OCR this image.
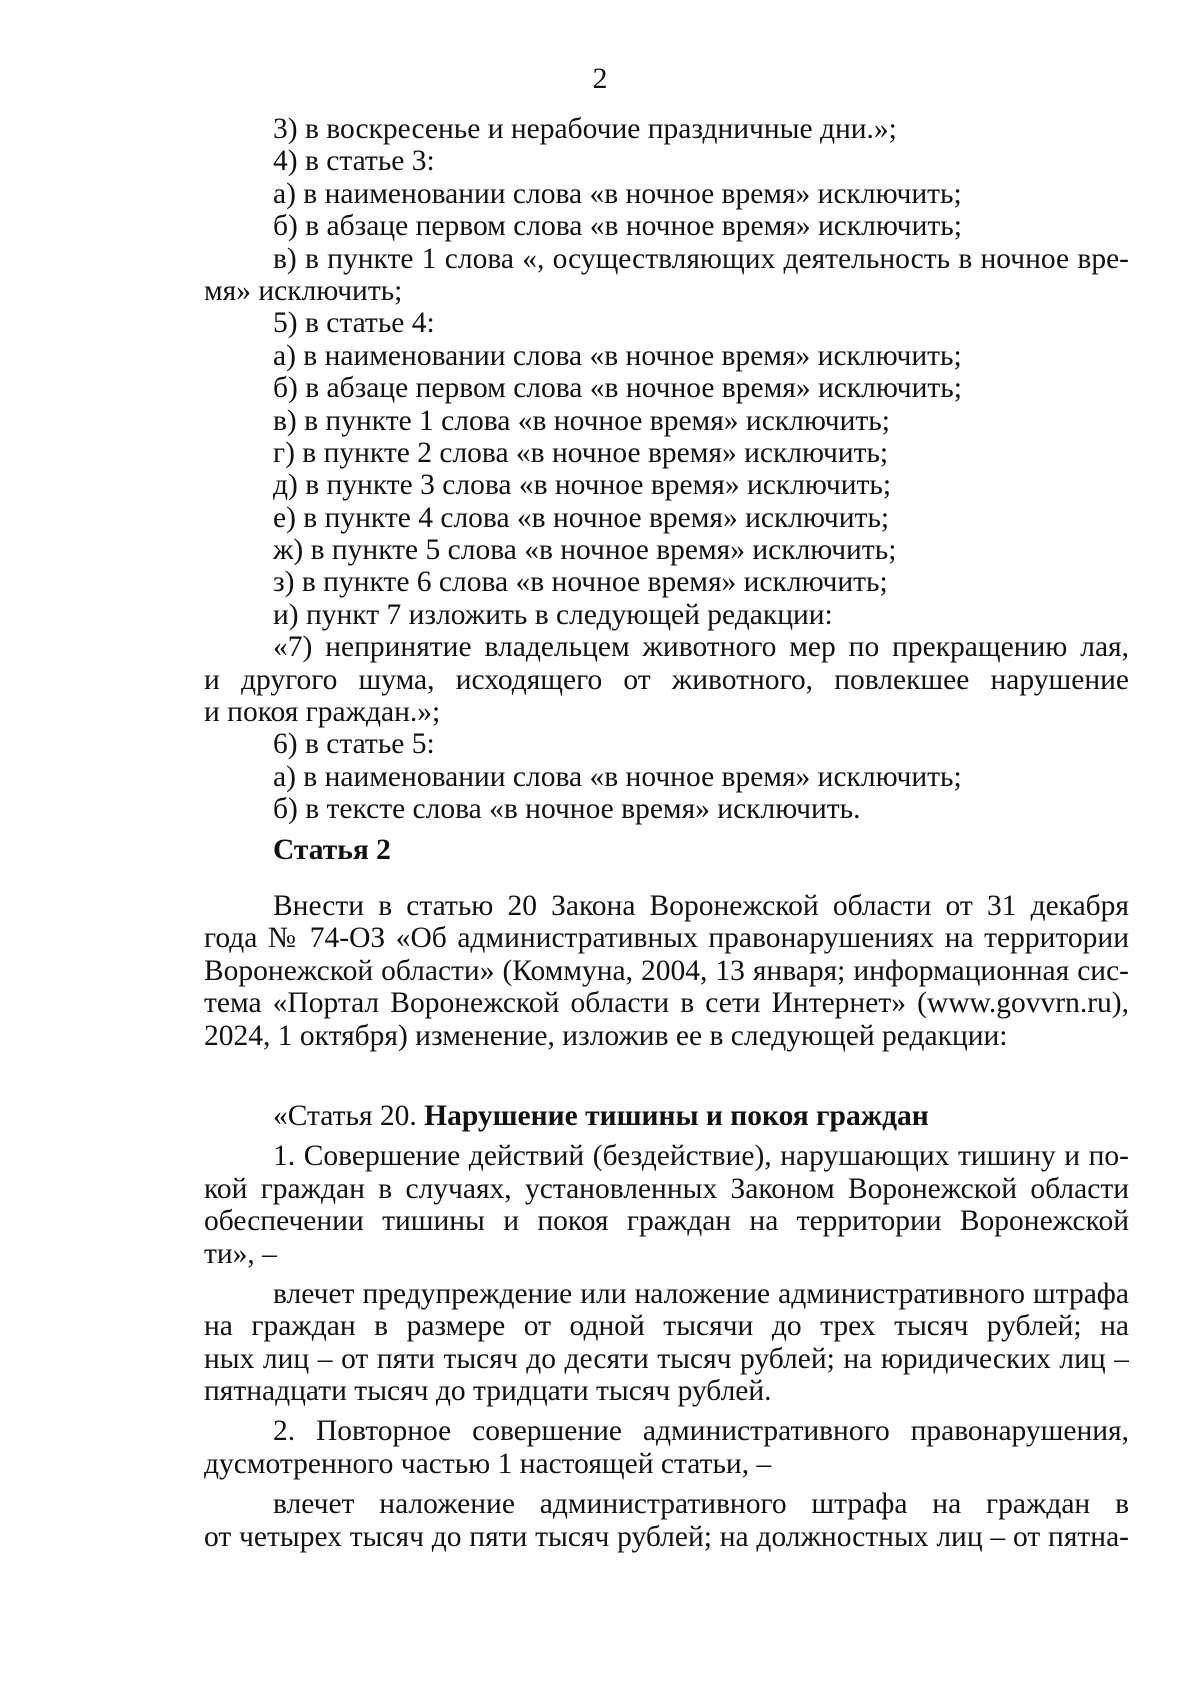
2
3) в воскресенье и нерабочие праздничные дни.»;
4) в статье 3:
а) в наименовании слова «в ночное время» исключить;
б) в абзаце первом слова «в ночное время» исключить;
в) в пункте 1 слова «, осуществляющих деятельность в ночное вре-
мя» исключить;
5) в статье 4:
а) в наименовании слова «в ночное время» исключить;
б) в абзаце первом слова «в ночное время» исключить;
в) в пункте 1 слова «в ночное время» исключить;
г) в пункте 2 слова «в ночное время» исключить;
д) в пункте 3 слова «в ночное время» исключить;
е) в пункте 4 слова «в ночное время» исключить;
ж) в пункте 5 слова «в ночное время» исключить;
з) в пункте 6 слова «в ночное время» исключить;
и) пункт 7 изложить в следующей редакции:
«7) непринятие владельцем животного мер по прекращению лая,
и другого шума, исходящего от животного, повлекшее нарушение
и покоя граждан.»;
6) в статье 5:
а) в наименовании слова «в ночное время» исключить;
б) в тексте слова «в ночное время» исключить.
Статья 2
Внести в статью 20 Закона Воронежской области от 31 декабря
года № 74-ОЗ «Об административных правонарушениях на территории
Воронежской области» (Коммуна, 2004, 13 января; информационная сис-
тема «Портал Воронежской области в сети Интернет» (www.govvrn.ru),
2024, 1 октября) изменение, изложив ее в следующей редакции:
«Статья 20. Нарушение тишины и покоя граждан
1. Совершение действий (бездействие), нарушающих тишину и по-
кой граждан в случаях, установленных Законом Воронежской области
обеспечении тишины и покоя граждан на территории Воронежской
ти», –
влечет предупреждение или наложение административного штрафа
на граждан в размере от одной тысячи до трех тысяч рублей; на
ных лиц – от пяти тысяч до десяти тысяч рублей; на юридических лиц –
пятнадцати тысяч до тридцати тысяч рублей.
2. Повторное совершение административного правонарушения,
дусмотренного частью 1 настоящей статьи, –
влечет наложение административного штрафа на граждан в
от четырех тысяч до пяти тысяч рублей; на должностных лиц – от пятна-
